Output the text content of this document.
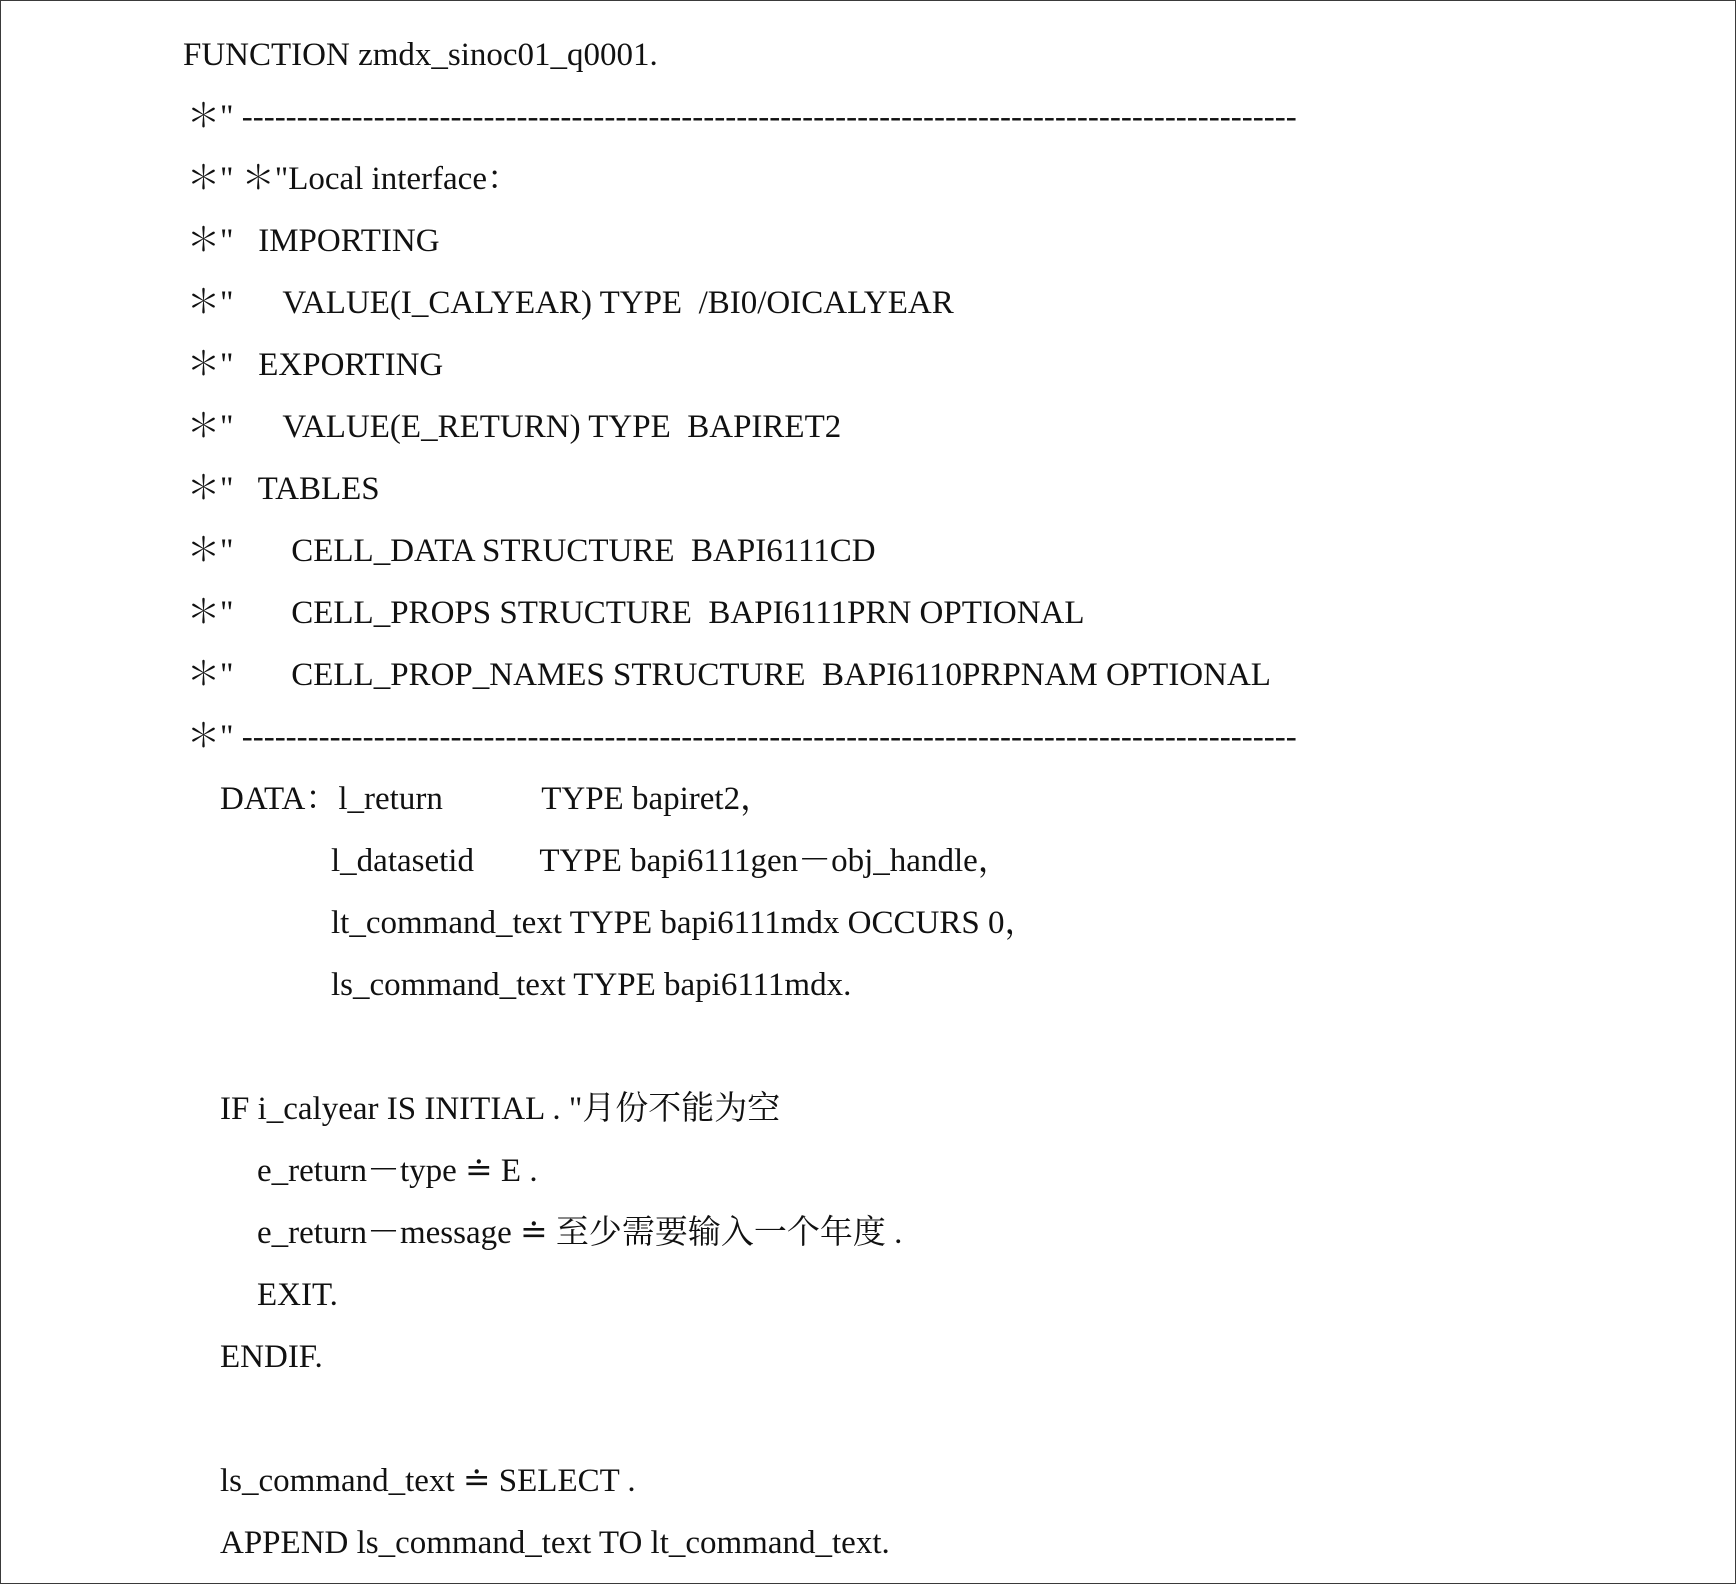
FUNCTION zmdx_sinoc01_q0001.
＊" ------------------------------------------------------------------------------------------------
＊" ＊"Local interface：
＊"   IMPORTING
＊"      VALUE(I_CALYEAR) TYPE  /BI0/OICALYEAR
＊"   EXPORTING
＊"      VALUE(E_RETURN) TYPE  BAPIRET2
＊"   TABLES
＊"       CELL_DATA STRUCTURE  BAPI6111CD
＊"       CELL_PROPS STRUCTURE  BAPI6111PRN OPTIONAL
＊"       CELL_PROP_NAMES STRUCTURE  BAPI6110PRPNAM OPTIONAL
＊" ------------------------------------------------------------------------------------------------
DATA：l_return            TYPE bapiret2，
l_datasetid        TYPE bapi6111gen－obj_handle，
lt_command_text TYPE bapi6111mdx OCCURS 0，
ls_command_text TYPE bapi6111mdx.
IF i_calyear IS INITIAL . "月份不能为空
e_return－type ≐ E .
e_return－message ≐ 至少需要输入一个年度 .
EXIT.
ENDIF.
ls_command_text ≐ SELECT .
APPEND ls_command_text TO lt_command_text.
